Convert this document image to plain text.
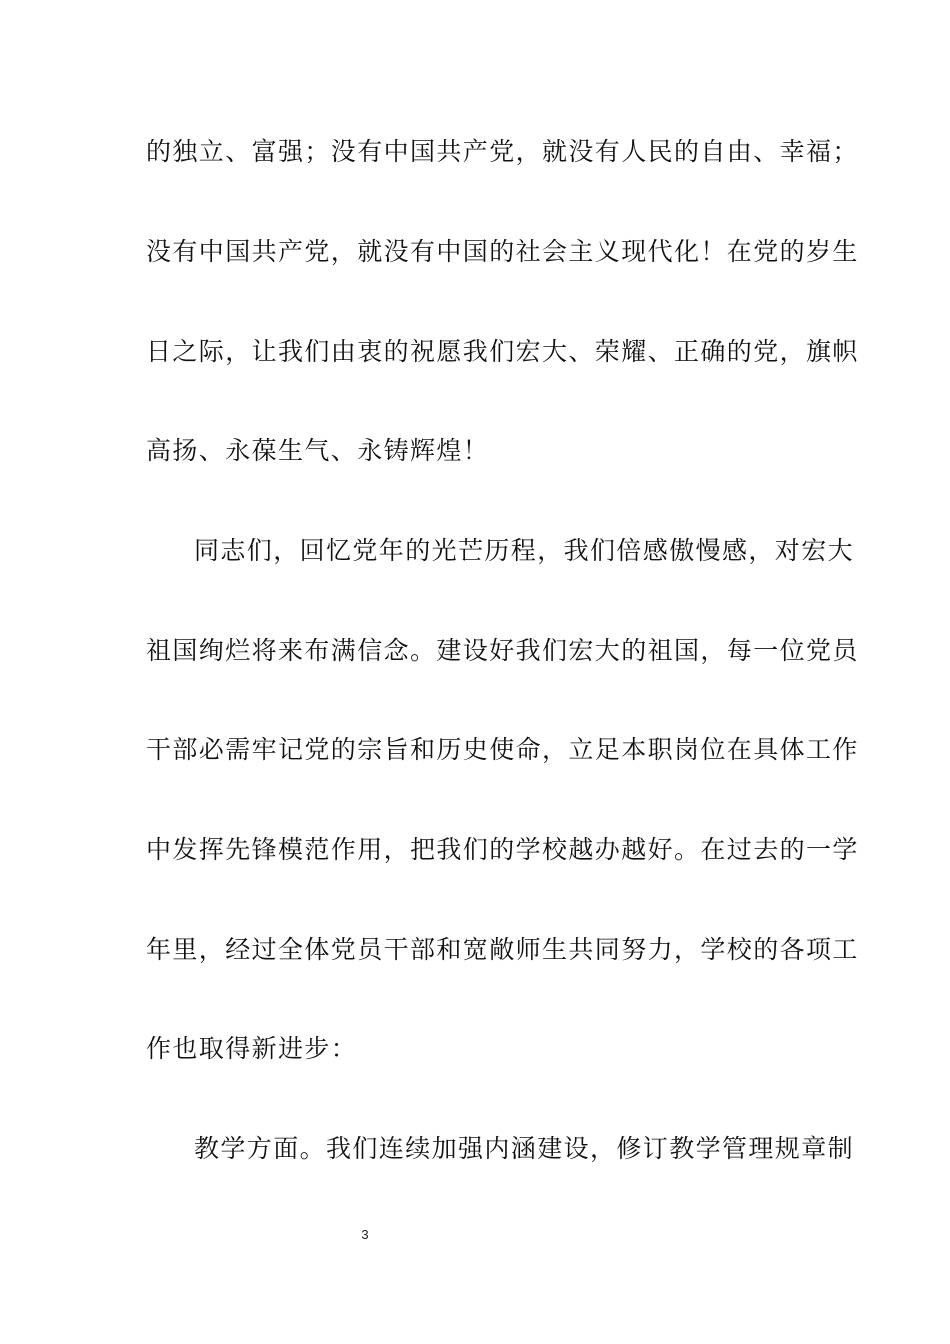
的独立、富强；没有中国共产党，就没有人民的自由、幸福；
没有中国共产党，就没有中国的社会主义现代化！在党的岁生
日之际，让我们由衷的祝愿我们宏大、荣耀、正确的党，旗帜
高扬、永葆生气、永铸辉煌！
同志们，回忆党年的光芒历程，我们倍感傲慢感，对宏大
祖国绚烂将来布满信念。建设好我们宏大的祖国，每一位党员
干部必需牢记党的宗旨和历史使命，立足本职岗位在具体工作
中发挥先锋模范作用，把我们的学校越办越好。在过去的一学
年里，经过全体党员干部和宽敞师生共同努力，学校的各项工
作也取得新进步：
教学方面。我们连续加强内涵建设，修订教学管理规章制
3
